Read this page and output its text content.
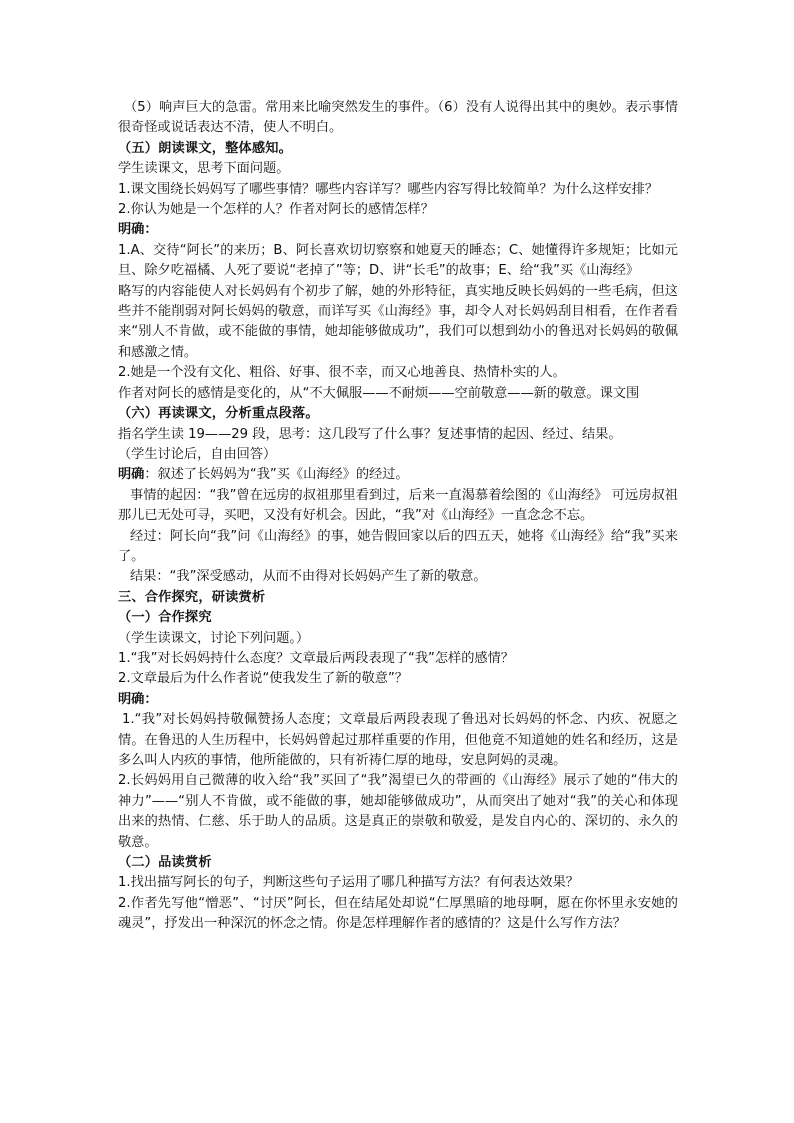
（5）响声巨大的急雷。常用来比喻突然发生的事件。（6）没有人说得出其中的奥妙。表示事情很奇怪或说话表达不清，使人不明白。

（五）朗读课文，整体感知。

学生读课文，思考下面问题。

1.课文围绕长妈妈写了哪些事情？哪些内容详写？哪些内容写得比较简单？为什么这样安排？

2.你认为她是一个怎样的人？作者对阿长的感情怎样？

明确：

1.A、交待“阿长”的来历；B、阿长喜欢切切察察和她夏天的睡态；C、她懂得许多规矩；比如元旦、除夕吃福橘、人死了要说“老掉了”等；D、讲“长毛”的故事；E、给“我”买《山海经》

略写的内容能使人对长妈妈有个初步了解，她的外形特征，真实地反映长妈妈的一些毛病，但这些并不能削弱对阿长妈妈的敬意，而详写买《山海经》事，却令人对长妈妈刮目相看，在作者看来“别人不肯做，或不能做的事情，她却能够做成功”，我们可以想到幼小的鲁迅对长妈妈的敬佩和感激之情。

2.她是一个没有文化、粗俗、好事、很不幸，而又心地善良、热情朴实的人。

作者对阿长的感情是变化的，从“不大佩服——不耐烦——空前敬意——新的敬意。课文围

（六）再读课文，分析重点段落。

指名学生读 19——29 段，思考：这几段写了什么事？复述事情的起因、经过、结果。

（学生讨论后，自由回答）

明确：叙述了长妈妈为“我”买《山海经》的经过。

事情的起因：“我”曾在远房的叔祖那里看到过，后来一直渴慕着绘图的《山海经》 可远房叔祖那儿已无处可寻，买吧，又没有好机会。因此，“我”对《山海经》一直念念不忘。

经过：阿长向“我”问《山海经》的事，她告假回家以后的四五天，她将《山海经》给“我”买来了。

结果：“我”深受感动，从而不由得对长妈妈产生了新的敬意。

三、合作探究，研读赏析

（一）合作探究

（学生读课文，讨论下列问题。）

1.“我”对长妈妈持什么态度？文章最后两段表现了“我”怎样的感情？

2.文章最后为什么作者说“使我发生了新的敬意”？

明确：

1.“我”对长妈妈持敬佩赞扬人态度；文章最后两段表现了鲁迅对长妈妈的怀念、内疚、祝愿之情。在鲁迅的人生历程中，长妈妈曾起过那样重要的作用，但他竟不知道她的姓名和经历，这是多么叫人内疚的事情，他所能做的，只有祈祷仁厚的地母，安息阿妈的灵魂。

2.长妈妈用自己微薄的收入给“我”买回了“我”渴望已久的带画的《山海经》展示了她的“伟大的神力”——“别人不肯做，或不能做的事，她却能够做成功”，从而突出了她对“我”的关心和体现出来的热情、仁慈、乐于助人的品质。这是真正的崇敬和敬爱，是发自内心的、深切的、永久的敬意。

（二）品读赏析

1.找出描写阿长的句子，判断这些句子运用了哪几种描写方法？有何表达效果？

2.作者先写他“憎恶”、“讨厌”阿长，但在结尾处却说“仁厚黑暗的地母啊，愿在你怀里永安她的魂灵”，抒发出一种深沉的怀念之情。你是怎样理解作者的感情的？这是什么写作方法？
